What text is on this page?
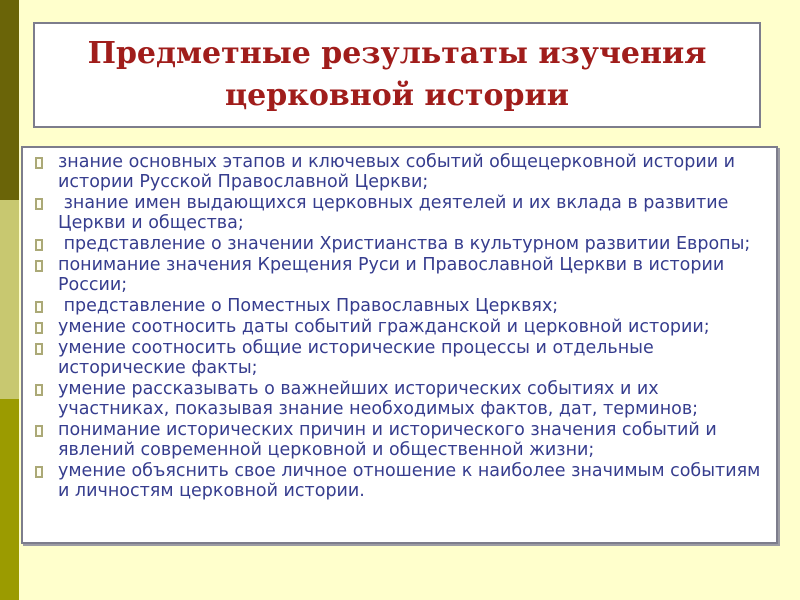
Предметные результаты изучения
церковной истории
знание основных этапов и ключевых событий общецерковной истории и истории Русской Православной Церкви;
знание имен выдающихся церковных деятелей и их вклада в развитие Церкви и общества;
представление о значении Христианства в культурном развитии Европы;
понимание значения Крещения Руси и Православной Церкви в истории России;
представление о Поместных Православных Церквях;
умение соотносить даты событий гражданской и церковной истории;
умение соотносить общие исторические процессы и отдельные исторические факты;
умение рассказывать о важнейших исторических событиях и их участниках, показывая знание необходимых фактов, дат, терминов;
понимание исторических причин и исторического значения событий и явлений современной церковной и общественной жизни;
умение объяснить свое личное отношение к наиболее значимым событиям и личностям церковной истории.
